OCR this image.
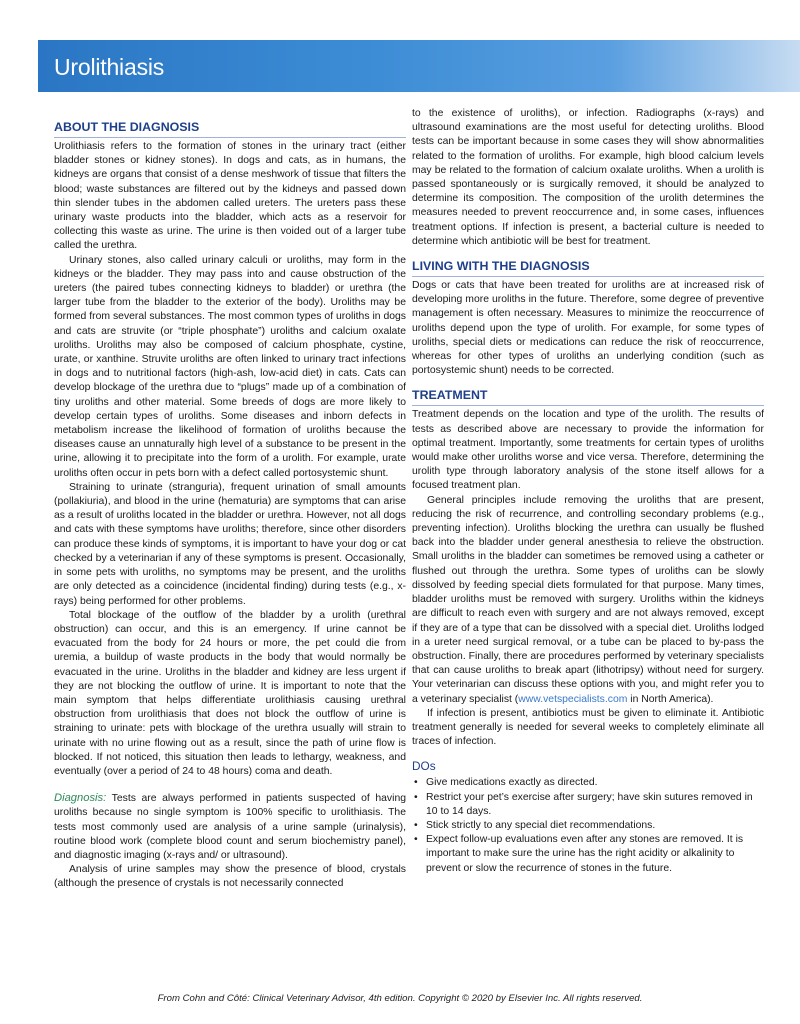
Urolithiasis
ABOUT THE DIAGNOSIS

Urolithiasis refers to the formation of stones in the urinary tract (either bladder stones or kidney stones). In dogs and cats, as in humans, the kidneys are organs that consist of a dense meshwork of tissue that filters the blood; waste substances are filtered out by the kidneys and passed down thin slender tubes in the abdomen called ureters. The ureters pass these urinary waste products into the bladder, which acts as a reservoir for collecting this waste as urine. The urine is then voided out of a larger tube called the urethra.

Urinary stones, also called urinary calculi or uroliths, may form in the kidneys or the bladder. They may pass into and cause obstruction of the ureters (the paired tubes connecting kidneys to bladder) or urethra (the larger tube from the bladder to the exterior of the body). Uroliths may be formed from several substances. The most common types of uroliths in dogs and cats are struvite (or “triple phosphate”) uroliths and calcium oxalate uroliths. Uroliths may also be composed of calcium phosphate, cystine, urate, or xanthine. Struvite uroliths are often linked to urinary tract infections in dogs and to nutritional factors (high-ash, low-acid diet) in cats. Cats can develop blockage of the urethra due to “plugs” made up of a combination of tiny uroliths and other material. Some breeds of dogs are more likely to develop certain types of uroliths. Some diseases and inborn defects in metabolism increase the likelihood of formation of uroliths because the diseases cause an unnaturally high level of a substance to be present in the urine, allowing it to precipitate into the form of a urolith. For example, urate uroliths often occur in pets born with a defect called portosystemic shunt.

Straining to urinate (stranguria), frequent urination of small amounts (pollakiuria), and blood in the urine (hematuria) are symptoms that can arise as a result of uroliths located in the bladder or urethra. However, not all dogs and cats with these symptoms have uroliths; therefore, since other disorders can produce these kinds of symptoms, it is important to have your dog or cat checked by a veterinarian if any of these symptoms is present. Occasionally, in some pets with uroliths, no symptoms may be present, and the uroliths are only detected as a coincidence (incidental finding) during tests (e.g., x-rays) being performed for other problems.

Total blockage of the outflow of the bladder by a urolith (urethral obstruction) can occur, and this is an emergency. If urine cannot be evacuated from the body for 24 hours or more, the pet could die from uremia, a buildup of waste products in the body that would normally be evacuated in the urine. Uroliths in the bladder and kidney are less urgent if they are not blocking the outflow of urine. It is important to note that the main symptom that helps differentiate urolithiasis causing urethral obstruction from urolithiasis that does not block the outflow of urine is straining to urinate: pets with blockage of the urethra usually will strain to urinate with no urine flowing out as a result, since the path of urine flow is blocked. If not noticed, this situation then leads to lethargy, weakness, and eventually (over a period of 24 to 48 hours) coma and death.

Diagnosis: Tests are always performed in patients suspected of having uroliths because no single symptom is 100% specific to urolithiasis. The tests most commonly used are analysis of a urine sample (urinalysis), routine blood work (complete blood count and serum biochemistry panel), and diagnostic imaging (x-rays and/ or ultrasound).

Analysis of urine samples may show the presence of blood, crystals (although the presence of crystals is not necessarily connected

to the existence of uroliths), or infection. Radiographs (x-rays) and ultrasound examinations are the most useful for detecting uroliths. Blood tests can be important because in some cases they will show abnormalities related to the formation of uroliths. For example, high blood calcium levels may be related to the formation of calcium oxalate uroliths. When a urolith is passed spontaneously or is surgically removed, it should be analyzed to determine its composition. The composition of the urolith determines the measures needed to prevent reoccurrence and, in some cases, influences treatment options. If infection is present, a bacterial culture is needed to determine which antibiotic will be best for treatment.

LIVING WITH THE DIAGNOSIS

Dogs or cats that have been treated for uroliths are at increased risk of developing more uroliths in the future. Therefore, some degree of preventive management is often necessary. Measures to minimize the reoccurrence of uroliths depend upon the type of urolith. For example, for some types of uroliths, special diets or medications can reduce the risk of reoccurrence, whereas for other types of uroliths an underlying condition (such as portosystemic shunt) needs to be corrected.

TREATMENT

Treatment depends on the location and type of the urolith. The results of tests as described above are necessary to provide the information for optimal treatment. Importantly, some treatments for certain types of uroliths would make other uroliths worse and vice versa. Therefore, determining the urolith type through laboratory analysis of the stone itself allows for a focused treatment plan.

General principles include removing the uroliths that are present, reducing the risk of recurrence, and controlling secondary problems (e.g., preventing infection). Uroliths blocking the urethra can usually be flushed back into the bladder under general anesthesia to relieve the obstruction. Small uroliths in the bladder can sometimes be removed using a catheter or flushed out through the urethra. Some types of uroliths can be slowly dissolved by feeding special diets formulated for that purpose. Many times, bladder uroliths must be removed with surgery. Uroliths within the kidneys are difficult to reach even with surgery and are not always removed, except if they are of a type that can be dissolved with a special diet. Uroliths lodged in a ureter need surgical removal, or a tube can be placed to by-pass the obstruction. Finally, there are procedures performed by veterinary specialists that can cause uroliths to break apart (lithotripsy) without need for surgery. Your veterinarian can discuss these options with you, and might refer you to a veterinary specialist (www.vetspecialists.com in North America).

If infection is present, antibiotics must be given to eliminate it. Antibiotic treatment generally is needed for several weeks to completely eliminate all traces of infection.

DOs
• Give medications exactly as directed.
• Restrict your pet’s exercise after surgery; have skin sutures removed in 10 to 14 days.
• Stick strictly to any special diet recommendations.
• Expect follow-up evaluations even after any stones are removed. It is important to make sure the urine has the right acidity or alkalinity to prevent or slow the recurrence of stones in the future.
From Cohn and Côté: Clinical Veterinary Advisor, 4th edition. Copyright © 2020 by Elsevier Inc. All rights reserved.
